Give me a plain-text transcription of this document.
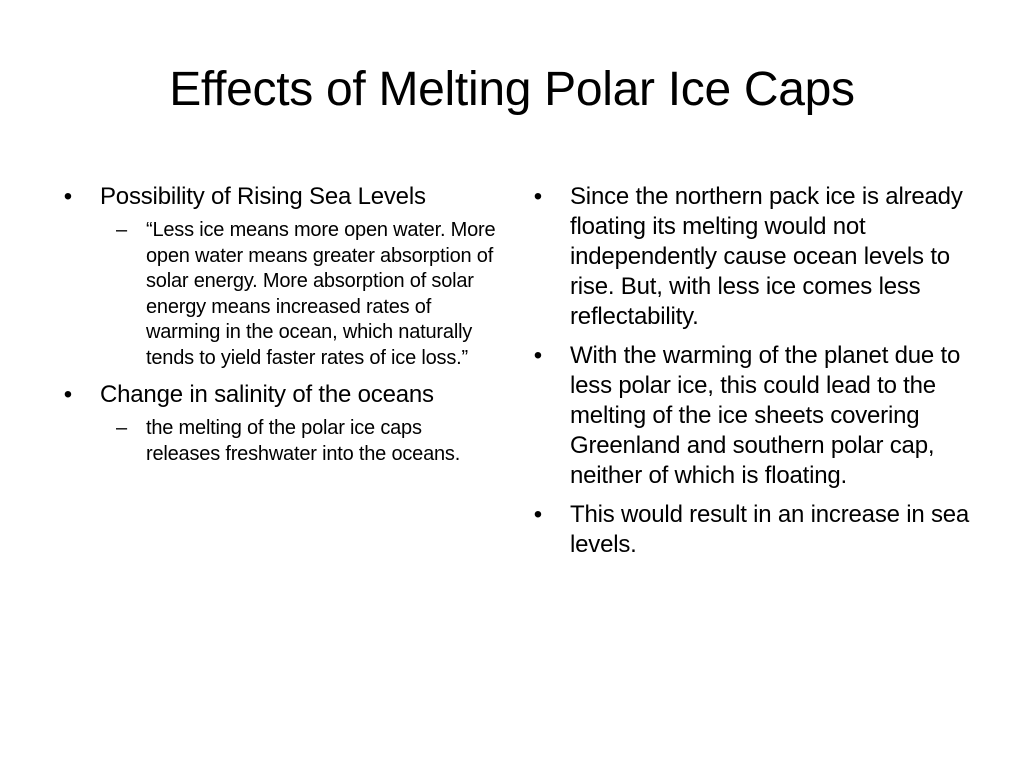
Effects of Melting Polar Ice Caps
• Possibility of Rising Sea Levels
– “Less ice means more open water. More open water means greater absorption of solar energy. More absorption of solar energy means increased rates of warming in the ocean, which naturally tends to yield faster rates of ice loss.”
• Change in salinity of the oceans
– the melting of the polar ice caps releases freshwater into the oceans.
• Since the northern pack ice is already floating its melting would not independently cause ocean levels to rise. But, with less ice comes less reflectability.
• With the warming of the planet due to less polar ice, this could lead to the melting of the ice sheets covering Greenland and southern polar cap, neither of which is floating.
• This would result in an increase in sea levels.
